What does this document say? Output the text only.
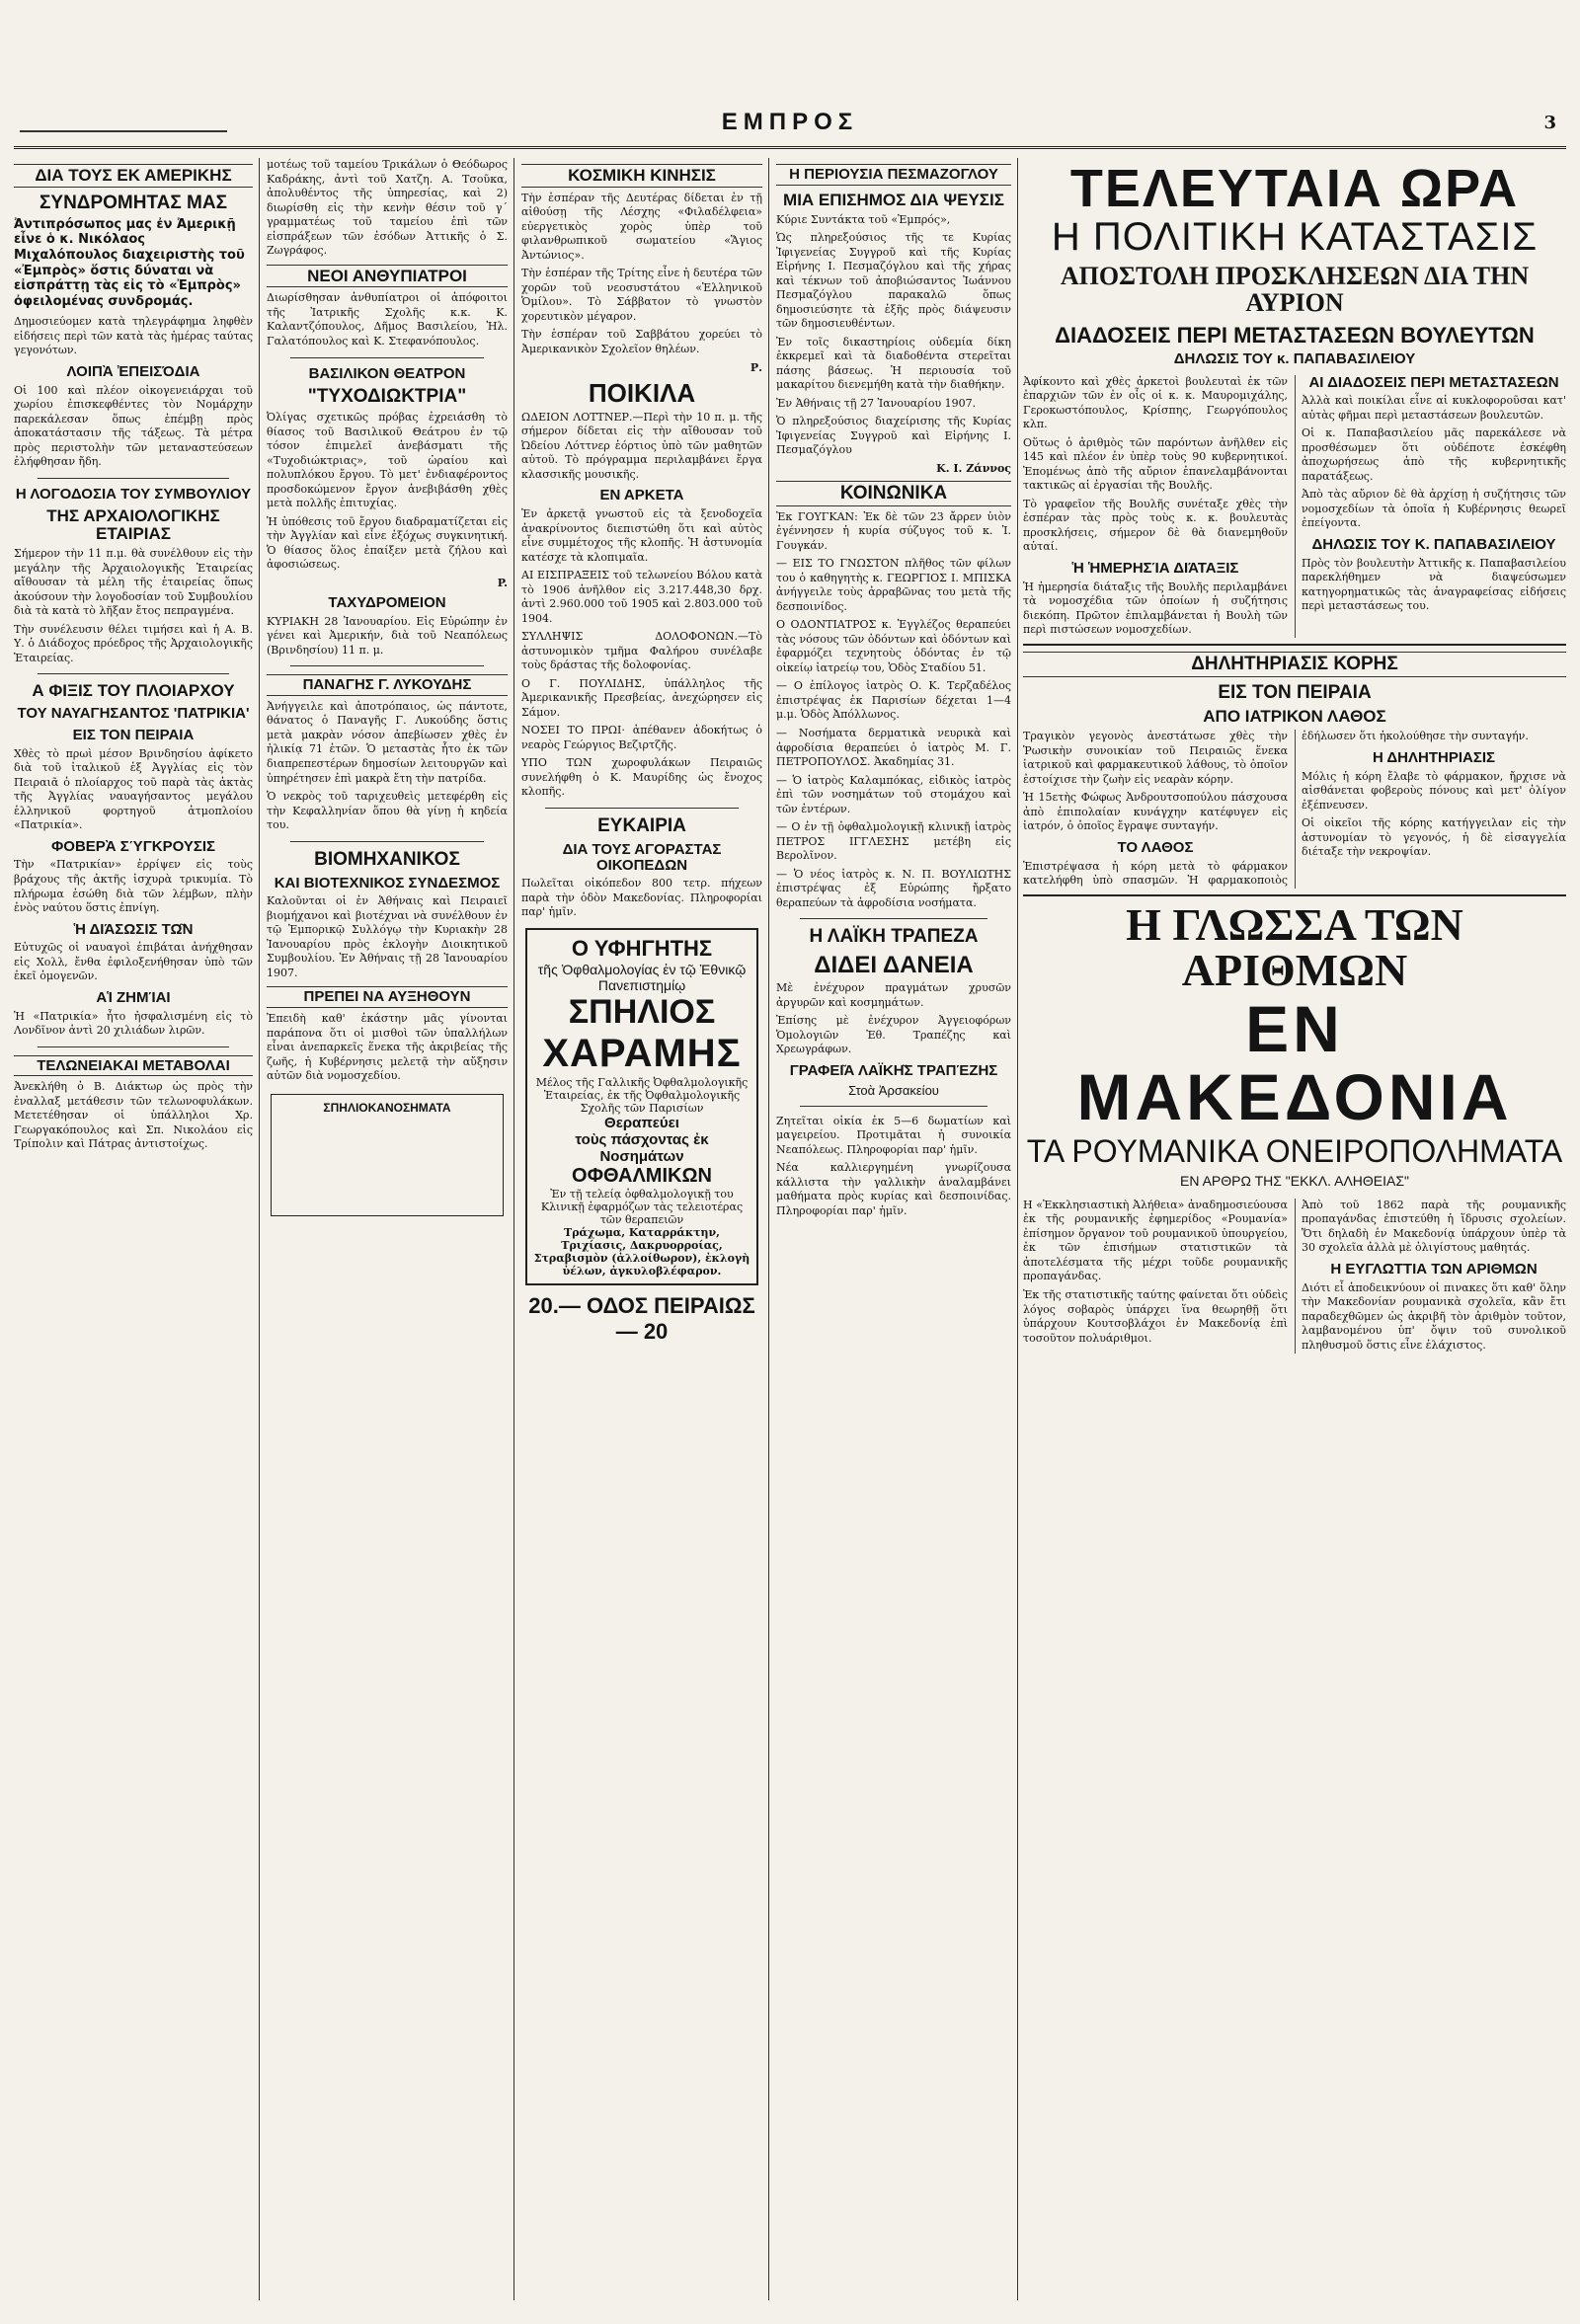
ΕΜΠΡΟΣ	3
ΔΙΑ ΤΟΥΣ ΕΚ ΑΜΕΡΙΚΗΣ
ΣΥΝΔΡΟΜΗΤΑΣ ΜΑΣ
Ἀντιπρόσωπος μας ἐν Ἀμερικῇ εἶνε ὁ κ. Νικόλαος Μιχαλόπουλος διαχειριστὴς τοῦ «Ἐμπρὸς» ὅστις δύναται νὰ εἰσπράττῃ τὰς εἰς τὸ «Ἐμπρὸς» ὀφειλομένας συνδρομάς.

Δημοσιεύομεν κατὰ τηλεγράφημα ληφθὲν εἰδήσεις περὶ τῶν κατὰ τὰς ἡμέρας ταύτας γεγονότων.

ΛΟΙΠᾺ ἘΠΕΙΣΌΔΙΑ

Οἱ 100 καὶ πλέον οἰκογενειάρχαι τοῦ χωρίου ἐπισκεφθέντες τὸν Νομάρχην παρεκάλεσαν ὅπως ἐπέμβῃ πρὸς ἀποκατάστασιν τῆς τάξεως. Τὰ μέτρα πρὸς περιστολὴν τῶν μεταναστεύσεων ἐλήφθησαν ἤδη.

Η ΛΟΓΟΔΟΣΙΑ ΤΟΥ ΣΥΜΒΟΥΛΙΟΥ
ΤΗΣ ΑΡΧΑΙΟΛΟΓΙΚΗΣ ΕΤΑΙΡΙΑΣ

Σήμερον τὴν 11 π.μ. θὰ συνέλθουν εἰς τὴν μεγάλην τῆς Ἀρχαιολογικῆς Ἑταιρείας αἴθουσαν τὰ μέλη τῆς ἑταιρείας ὅπως ἀκούσουν τὴν λογοδοσίαν τοῦ Συμβουλίου διὰ τὰ κατὰ τὸ λῆξαν ἔτος πεπραγμένα.

Τὴν συνέλευσιν θέλει τιμήσει καὶ ἡ Α. Β. Υ. ὁ Διάδοχος πρόεδρος τῆς Ἀρχαιολογικῆς Ἑταιρείας.

Α ΦΙΞΙΣ ΤΟΥ ΠΛΟΙΑΡΧΟΥ
ΤΟΥ ΝΑΥΑΓΗΣΑΝΤΟΣ 'ΠΑΤΡΙΚΙΑ'
ΕΙΣ ΤΟΝ ΠΕΙΡΑΙΑ

Χθὲς τὸ πρωὶ μέσον Βρινδησίου ἀφίκετο διὰ τοῦ ἰταλικοῦ ἐξ Ἀγγλίας εἰς τὸν Πειραιᾶ ὁ πλοίαρχος τοῦ παρὰ τὰς ἀκτὰς τῆς Ἀγγλίας ναυαγήσαντος μεγάλου ἑλληνικοῦ φορτηγοῦ ἀτμοπλοίου «Πατρικία».

ΦΟΒΕΡᾺ ΣΎΓΚΡΟΥΣΙΣ

Τὴν «Πατρικίαν» ἐρρίψεν εἰς τοὺς βράχους τῆς ἀκτῆς ἰσχυρὰ τρικυμία. Τὸ πλήρωμα ἐσώθη διὰ τῶν λέμβων, πλὴν ἑνὸς ναύτου ὅστις ἐπνίγη.

Ἡ ΔΙΆΣΩΣΙΣ ΤΩ͂Ν

Εὐτυχῶς οἱ ναυαγοὶ ἐπιβάται ἀνήχθησαν εἰς Χολλ, ἔνθα ἐφιλοξενήθησαν ὑπὸ τῶν ἐκεῖ ὁμογενῶν.

ΑἹ ΖΗΜΊΑΙ

Ἡ «Πατρικία» ἦτο ἠσφαλισμένη εἰς τὸ Λονδῖνον ἀντὶ 20 χιλιάδων λιρῶν.

ΤΕΛΩΝΕΙΑΚΑΙ ΜΕΤΑΒΟΛΑΙ

Ἀνεκλήθη ὁ Β. Διάκτωρ ὡς πρὸς τὴν ἐναλλαξ μετάθεσιν τῶν τελωνοφυλάκων. Μετετέθησαν οἱ ὑπάλληλοι Χρ. Γεωργακόπουλος καὶ Σπ. Νικολάου εἰς Τρίπολιν καὶ Πάτρας ἀντιστοίχως.

μοτέως τοῦ ταμείου Τρικάλων ὁ Θεόδωρος Καδράκης, ἀντὶ τοῦ Χατζη. Α. Τσοῦκα, ἀπολυθέντος τῆς ὑπηρεσίας, καὶ 2) διωρίσθη εἰς τὴν κενὴν θέσιν τοῦ γ΄ γραμματέως τοῦ ταμείου ἐπὶ τῶν εἰσπράξεων τῶν ἐσόδων Ἀττικῆς ὁ Σ. Ζωγράφος.

ΝΕΟΙ ΑΝΘΥΠΙΑΤΡΟΙ

Διωρίσθησαν ἀνθυπίατροι οἱ ἀπόφοιτοι τῆς Ἰατρικῆς Σχολῆς κ.κ. Κ. Καλαντζόπουλος, Δῆμος Βασιλείου, Ἠλ. Γαλατόπουλος καὶ Κ. Στεφανόπουλος.

ΒΑΣΙΛΙΚΟΝ ΘΕΑΤΡΟΝ
"ΤΥΧΟΔΙΩΚΤΡΙΑ"

Ὀλίγας σχετικῶς πρόβας ἐχρειάσθη τὸ θίασος τοῦ Βασιλικοῦ Θεάτρου ἐν τῷ τόσον ἐπιμελεῖ ἀνεβάσματι τῆς «Τυχοδιώκτριας», τοῦ ὡραίου καὶ πολυπλόκου ἔργου. Τὸ μετ' ἐνδιαφέροντος προσδοκώμενον ἔργον ἀνεβιβάσθη χθὲς μετὰ πολλῆς ἐπιτυχίας.

Ἡ ὑπόθεσις τοῦ ἔργου διαδραματίζεται εἰς τὴν Ἀγγλίαν καὶ εἶνε ἐξόχως συγκινητική. Ὁ θίασος ὅλος ἐπαίξεν μετὰ ζήλου καὶ ἀφοσιώσεως.

P.
ΤΑΧΥΔΡΟΜΕΙΟΝ

ΚΥΡΙΑΚΗ 28 Ἰανουαρίου. Εἰς Εὐρώπην ἐν γένει καὶ Ἀμερικήν, διὰ τοῦ Νεαπόλεως (Βρινδησίου) 11 π. μ.

ΠΑΝΑΓΗΣ Γ. ΛΥΚΟΥΔΗΣ

Ἀνήγγειλε καὶ ἀποτρόπαιος, ὡς πάντοτε, θάνατος ὁ Παναγῆς Γ. Λυκούδης ὅστις μετὰ μακρὰν νόσον ἀπεβίωσεν χθὲς ἐν ἡλικίᾳ 71 ἐτῶν. Ὁ μεταστὰς ἦτο ἐκ τῶν διαπρεπεστέρων δημοσίων λειτουργῶν καὶ ὑπηρέτησεν ἐπὶ μακρὰ ἔτη τὴν πατρίδα.

Ὁ νεκρὸς τοῦ ταριχευθεὶς μετεφέρθη εἰς τὴν Κεφαλληνίαν ὅπου θὰ γίνῃ ἡ κηδεία του.

ΒΙΟΜΗΧΑΝΙΚΟΣ
ΚΑΙ ΒΙΟΤΕΧΝΙΚΟΣ ΣΥΝΔΕΣΜΟΣ

Καλοῦνται οἱ ἐν Ἀθήναις καὶ Πειραιεῖ βιομήχανοι καὶ βιοτέχναι νὰ συνέλθουν ἐν τῷ Ἐμπορικῷ Συλλόγῳ τὴν Κυριακὴν 28 Ἰανουαρίου πρὸς ἐκλογὴν Διοικητικοῦ Συμβουλίου. Ἐν Ἀθήναις τῇ 28 Ἰανουαρίου 1907.

ΠΡΕΠΕΙ ΝΑ ΑΥΞΗΘΟΥΝ

Ἐπειδὴ καθ' ἑκάστην μᾶς γίνονται παράπονα ὅτι οἱ μισθοὶ τῶν ὑπαλλήλων εἶναι ἀνεπαρκεῖς ἕνεκα τῆς ἀκριβείας τῆς ζωῆς, ἡ Κυβέρνησις μελετᾷ τὴν αὔξησιν αὐτῶν διὰ νομοσχεδίου.

ΣΠΗΛΙΟΚΑΝΟΣΗΜΑΤΑ
ΚΟΣΜΙΚΗ ΚΙΝΗΣΙΣ

Τὴν ἑσπέραν τῆς Δευτέρας δίδεται ἐν τῇ αἰθούσῃ τῆς Λέσχης «Φιλαδέλφεια» εὐεργετικὸς χορὸς ὑπὲρ τοῦ φιλανθρωπικοῦ σωματείου «Ἅγιος Ἀντώνιος».

Τὴν ἑσπέραν τῆς Τρίτης εἶνε ἡ δευτέρα τῶν χορῶν τοῦ νεοσυστάτου «Ἑλληνικοῦ Ὁμίλου». Τὸ Σάββατον τὸ γνωστὸν χορευτικὸν μέγαρον.

Τὴν ἑσπέραν τοῦ Σαββάτου χορεύει τὸ Ἀμερικανικὸν Σχολεῖον θηλέων.

Ρ.
ΠΟΙΚΙΛΑ

ΩΔΕΙΟΝ ΛΟΤΤΝΕΡ.—Περὶ τὴν 10 π. μ. τῆς σήμερον δίδεται εἰς τὴν αἴθουσαν τοῦ Ὠδείου Λόττνερ ἑόρτιος ὑπὸ τῶν μαθητῶν αὐτοῦ. Τὸ πρόγραμμα περιλαμβάνει ἔργα κλασσικῆς μουσικῆς.

ΕΝ ΑΡΚΕΤΑ

Ἐν ἀρκετᾷ γνωστοῦ εἰς τὰ ξενοδοχεῖα ἀνακρίνοντος διεπιστώθη ὅτι καὶ αὐτὸς εἶνε συμμέτοχος τῆς κλοπῆς. Ἡ ἀστυνομία κατέσχε τὰ κλοπιμαῖα.

ΑΙ ΕΙΣΠΡΑΞΕΙΣ τοῦ τελωνείου Βόλου κατὰ τὸ 1906 ἀνῆλθον εἰς 3.217.448,30 δρχ. ἀντὶ 2.960.000 τοῦ 1905 καὶ 2.803.000 τοῦ 1904.

ΣΥΛΛΗΨΙΣ ΔΟΛΟΦΟΝΩΝ.—Τὸ ἀστυνομικὸν τμῆμα Φαλήρου συνέλαβε τοὺς δράστας τῆς δολοφονίας.

Ο Γ. ΠΟΥΛΙΔΗΣ, ὑπάλληλος τῆς Ἀμερικανικῆς Πρεσβείας, ἀνεχώρησεν εἰς Σάμον.

ΝΟΣΕΙ ΤΟ ΠΡΩΙ· ἀπέθανεν ἀδοκήτως ὁ νεαρὸς Γεώργιος Βεζιρτζῆς.

ΥΠΟ ΤΩΝ χωροφυλάκων Πειραιῶς συνελήφθη ὁ Κ. Μαυρίδης ὡς ἔνοχος κλοπῆς.

ΕΥΚΑΙΡΙΑ
ΔΙΑ ΤΟΥΣ ΑΓΟΡΑΣΤΑΣ ΟΙΚΟΠΕΔΩΝ

Πωλεῖται οἰκόπεδον 800 τετρ. πήχεων παρὰ τὴν ὁδὸν Μακεδονίας. Πληροφορίαι παρ' ἡμῖν.

Ο ΥΦΗΓΗΤΗΣ
τῆς Ὀφθαλμολογίας ἐν τῷ Ἐθνικῷ Πανεπιστημίῳ
ΣΠΗΛΙΟΣ
ΧΑΡΑΜΗΣ
Μέλος τῆς Γαλλικῆς Ὀφθαλμολογικῆς Ἑταιρείας, ἐκ τῆς Ὀφθαλμολογικῆς Σχολῆς τῶν Παρισίων
Θεραπεύει
τοὺς πάσχοντας ἐκ Νοσημάτων
ΟΦΘΑΛΜΙΚΩΝ
Ἐν τῇ τελείᾳ ὀφθαλμολογικῇ του Κλινικῇ ἐφαρμόζων τὰς τελειοτέρας τῶν θεραπειῶν
Τράχωμα, Καταρράκτην, Τριχίασις, Δακρυορροίας, Στραβισμὸν (ἀλλοίθωρον), ἐκλογὴ ὑέλων, ἀγκυλοβλέφαρον.
20.— ΟΔΟΣ ΠΕΙΡΑΙΩΣ — 20
Η ΠΕΡΙΟΥΣΙΑ ΠΕΣΜΑΖΟΓΛΟΥ
ΜΙΑ ΕΠΙΣΗΜΟΣ ΔΙΑ ΨΕΥΣΙΣ

Κύριε Συντάκτα τοῦ «Ἐμπρός»,

Ὡς πληρεξούσιος τῆς τε Κυρίας Ἰφιγενείας Συγγροῦ καὶ τῆς Κυρίας Εἰρήνης Ι. Πεσμαζόγλου καὶ τῆς χήρας καὶ τέκνων τοῦ ἀποβιώσαντος Ἰωάννου Πεσμαζόγλου παρακαλῶ ὅπως δημοσιεύσητε τὰ ἑξῆς πρὸς διάψευσιν τῶν δημοσιευθέντων.

Ἐν τοῖς δικαστηρίοις οὐδεμία δίκη ἐκκρεμεῖ καὶ τὰ διαδοθέντα στερεῖται πάσης βάσεως. Ἡ περιουσία τοῦ μακαρίτου διενεμήθη κατὰ τὴν διαθήκην.

Ἐν Ἀθήναις τῇ 27 Ἰανουαρίου 1907.

Ὁ πληρεξούσιος διαχείρισης τῆς Κυρίας Ἰφιγενείας Συγγροῦ καὶ Εἰρήνης Ι. Πεσμαζόγλου

Κ. Ι. Ζάννος
ΚΟΙΝΩΝΙΚΑ

Ἐκ ΓΟΥΓΚΑΝ: Ἐκ δὲ τῶν 23 ἄρρεν ὑιὸν ἐγέννησεν ἡ κυρία σύζυγος τοῦ κ. Ἰ. Γουγκάν.

— ΕΙΣ ΤΟ ΓΝΩΣΤΟΝ πλῆθος τῶν φίλων του ὁ καθηγητὴς κ. ΓΕΩΡΓΙΟΣ Ι. ΜΠΙΣΚΑ ἀνήγγειλε τοὺς ἀρραβῶνας του μετὰ τῆς δεσποινίδος.

Ο ΟΔΟΝΤΙΑΤΡΟΣ κ. Ἐγγλέζος θεραπεύει τὰς νόσους τῶν ὀδόντων καὶ ὀδόντων καὶ ἐφαρμόζει τεχνητοὺς ὀδόντας ἐν τῷ οἰκείῳ ἰατρείῳ του, Ὁδὸς Σταδίου 51.

— Ο ἐπίλογος ἰατρὸς Ο. Κ. Τερζαδέλος ἐπιστρέψας ἐκ Παρισίων δέχεται 1—4 μ.μ. Ὁδὸς Ἀπόλλωνος.

— Νοσήματα δερματικὰ νευρικὰ καὶ ἀφροδίσια θεραπεύει ὁ ἰατρὸς Μ. Γ. ΠΕΤΡΟΠΟΥΛΟΣ. Ἀκαδημίας 31.

— Ὁ ἰατρὸς Καλαμπόκας, εἰδικὸς ἰατρὸς ἐπὶ τῶν νοσημάτων τοῦ στομάχου καὶ τῶν ἐντέρων.

— Ο ἐν τῇ ὀφθαλμολογικῇ κλινικῇ ἰατρὸς ΠΕΤΡΟΣ ΙΓΓΛΕΣΗΣ μετέβη εἰς Βερολῖνον.

— Ὁ νέος ἰατρὸς κ. Ν. Π. ΒΟΥΛΙΩΤΗΣ ἐπιστρέψας ἐξ Εὐρώπης ἤρξατο θεραπεύων τὰ ἀφροδίσια νοσήματα.

Η ΛΑΪΚΗ ΤΡΑΠΕΖΑ
ΔΙΔΕΙ ΔΑΝΕΙΑ

Μὲ ἐνέχυρον πραγμάτων χρυσῶν ἀργυρῶν καὶ κοσμημάτων.

Ἐπίσης μὲ ἐνέχυρον Ἀγγειοφόρων Ὁμολογιῶν Ἐθ. Τραπέζης καὶ Χρεωγράφων.

ΓΡΑΦΕΙ͂Α ΛΑΪΚΗ͂Σ ΤΡΑΠΈΖΗΣ
Στοὰ Ἀρσακείου

Ζητεῖται οἰκία ἐκ 5—6 δωματίων καὶ μαγειρείου. Προτιμᾶται ἡ συνοικία Νεαπόλεως. Πληροφορίαι παρ' ἡμῖν.

Νέα καλλιεργημένη γνωρίζουσα κάλλιστα τὴν γαλλικὴν ἀναλαμβάνει μαθήματα πρὸς κυρίας καὶ δεσποινίδας. Πληροφορίαι παρ' ἡμῖν.

ΤΕΛΕΥΤΑΙΑ ΩΡΑ
Η ΠΟΛΙΤΙΚΗ ΚΑΤΑΣΤΑΣΙΣ
ΑΠΟΣΤΟΛΗ ΠΡΟΣΚΛΗΣΕΩΝ ΔΙΑ ΤΗΝ ΑΥΡΙΟΝ
ΔΙΑΔΟΣΕΙΣ ΠΕΡΙ ΜΕΤΑΣΤΑΣΕΩΝ ΒΟΥΛΕΥΤΩΝ
ΔΗΛΩΣΙΣ ΤΟΥ κ. ΠΑΠΑΒΑΣΙΛΕΙΟΥ

Ἀφίκοντο καὶ χθὲς ἀρκετοὶ βουλευταὶ ἐκ τῶν ἐπαρχιῶν τῶν ἐν οἷς οἱ κ. κ. Μαυρομιχάλης, Γεροκωστόπουλος, Κρίσπης, Γεωργόπουλος κλπ.

Οὕτως ὁ ἀριθμὸς τῶν παρόντων ἀνῆλθεν εἰς 145 καὶ πλέον ἐν ὑπὲρ τοὺς 90 κυβερνητικοί. Ἐπομένως ἀπὸ τῆς αὔριον ἐπανελαμβάνονται τακτικῶς αἱ ἐργασίαι τῆς Βουλῆς.

Τὸ γραφεῖον τῆς Βουλῆς συνέταξε χθὲς τὴν ἑσπέραν τὰς πρὸς τοὺς κ. κ. βουλευτὰς προσκλήσεις, σήμερον δὲ θὰ διανεμηθοῦν αὐταί.

Ἡ ἩΜΕΡΗΣΊΑ ΔΙΆΤΑΞΙΣ

Ἡ ἡμερησία διάταξις τῆς Βουλῆς περιλαμβάνει τὰ νομοσχέδια τῶν ὁποίων ἡ συζήτησις διεκόπη. Πρῶτον ἐπιλαμβάνεται ἡ Βουλὴ τῶν περὶ πιστώσεων νομοσχεδίων.

ΑΙ ΔΙΑΔΟΣΕΙΣ ΠΕΡΙ ΜΕΤΑΣΤΑΣΕΩΝ

Ἀλλὰ καὶ ποικίλαι εἶνε αἱ κυκλοφοροῦσαι κατ' αὐτὰς φῆμαι περὶ μεταστάσεων βουλευτῶν.

Οἱ κ. Παπαβασιλείου μᾶς παρεκάλεσε νὰ προσθέσωμεν ὅτι οὐδέποτε ἐσκέφθη ἀποχωρήσεως ἀπὸ τῆς κυβερνητικῆς παρατάξεως.

Ἀπὸ τὰς αὔριον δὲ θὰ ἀρχίσῃ ἡ συζήτησις τῶν νομοσχεδίων τὰ ὁποῖα ἡ Κυβέρνησις θεωρεῖ ἐπείγοντα.

ΔΗΛΩΣΙΣ ΤΟΥ Κ. ΠΑΠΑΒΑΣΙΛΕΙΟΥ

Πρὸς τὸν βουλευτὴν Ἀττικῆς κ. Παπαβασιλείου παρεκλήθημεν νὰ διαψεύσωμεν κατηγορηματικῶς τὰς ἀναγραφείσας εἰδήσεις περὶ μεταστάσεως του.

ΔΗΛΗΤΗΡΙΑΣΙΣ ΚΟΡΗΣ
ΕΙΣ ΤΟΝ ΠΕΙΡΑΙΑ
ΑΠΟ ΙΑΤΡΙΚΟΝ ΛΑΘΟΣ

Τραγικὸν γεγονὸς ἀνεστάτωσε χθὲς τὴν Ῥωσικὴν συνοικίαν τοῦ Πειραιῶς ἕνεκα ἰατρικοῦ καὶ φαρμακευτικοῦ λάθους, τὸ ὁποῖον ἐστοίχισε τὴν ζωὴν εἰς νεαρὰν κόρην.

Ἡ 15ετὴς Φώφως Ἀνδρουτσοπούλου πάσχουσα ἀπὸ ἐπιπολαίαν κυνάγχην κατέφυγεν εἰς ἰατρόν, ὁ ὁποῖος ἔγραψε συνταγήν.

ΤΟ ΛΑΘΟΣ

Ἐπιστρέψασα ἡ κόρη μετὰ τὸ φάρμακον κατελήφθη ὑπὸ σπασμῶν. Ἡ φαρμακοποιὸς ἐδήλωσεν ὅτι ἠκολούθησε τὴν συνταγήν.

Η ΔΗΛΗΤΗΡΙΑΣΙΣ

Μόλις ἡ κόρη ἔλαβε τὸ φάρμακον, ἤρχισε νὰ αἰσθάνεται φοβεροὺς πόνους καὶ μετ' ὀλίγον ἐξέπνευσεν.

Οἱ οἰκεῖοι τῆς κόρης κατήγγειλαν εἰς τὴν ἀστυνομίαν τὸ γεγονός, ἡ δὲ εἰσαγγελία διέταξε τὴν νεκροψίαν.

Η ΓΛΩΣΣΑ ΤΩΝ ΑΡΙΘΜΩΝ
ΕΝ ΜΑΚΕΔΟΝΙΑ
ΤΑ ΡΟΥΜΑΝΙΚΑ ΟΝΕΙΡΟΠΟΛΗΜΑΤΑ
ΕΝ ΑΡΘΡΩ ΤΗΣ "ΕΚΚΛ. ΑΛΗΘΕΙΑΣ"

Η «Ἐκκλησιαστικὴ Ἀλήθεια» ἀναδημοσιεύουσα ἐκ τῆς ρουμανικῆς ἐφημερίδος «Ρουμανία» ἐπίσημον ὄργανον τοῦ ρουμανικοῦ ὑπουργείου, ἐκ τῶν ἐπισήμων στατιστικῶν τὰ ἀποτελέσματα τῆς μέχρι τοῦδε ρουμανικῆς προπαγάνδας.

Ἐκ τῆς στατιστικῆς ταύτης φαίνεται ὅτι οὐδεὶς λόγος σοβαρὸς ὑπάρχει ἵνα θεωρηθῇ ὅτι ὑπάρχουν Κουτσοβλάχοι ἐν Μακεδονίᾳ ἐπὶ τοσοῦτον πολυάριθμοι.

Ἀπὸ τοῦ 1862 παρὰ τῆς ρουμανικῆς προπαγάνδας ἐπιστεύθη ἡ ἵδρυσις σχολείων. Ὅτι δηλαδὴ ἐν Μακεδονίᾳ ὑπάρχουν ὑπὲρ τὰ 30 σχολεῖα ἀλλὰ μὲ ὀλιγίστους μαθητάς.

Η ΕΥΓΛΩΤΤΙΑ ΤΩΝ ΑΡΙΘΜΩΝ

Διότι εἶ ἀποδεικνύουν οἱ πινακες ὅτι καθ' ὅλην τὴν Μακεδονίαν ρουμανικὰ σχολεῖα, κἂν ἔτι παραδεχθῶμεν ὡς ἀκριβῆ τὸν ἀριθμὸν τοῦτον, λαμβανομένου ὑπ' ὄψιν τοῦ συνολικοῦ πληθυσμοῦ ὅστις εἶνε ἐλάχιστος.
